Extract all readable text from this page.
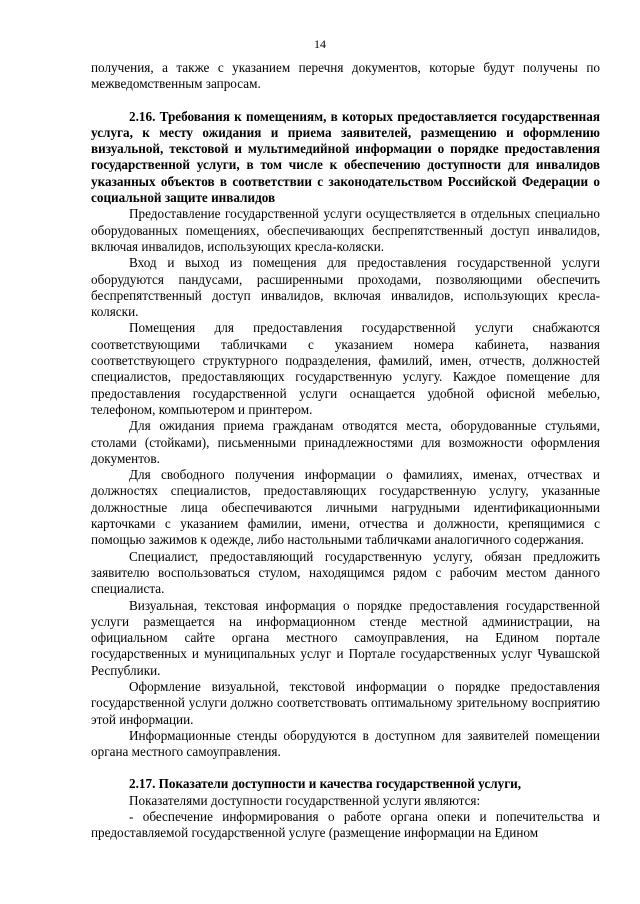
14

получения, а также с указанием перечня документов, которые будут получены по межведомственным запросам.

2.16. Требования к помещениям, в которых предоставляется государственная услуга, к месту ожидания и приема заявителей, размещению и оформлению визуальной, текстовой и мультимедийной информации о порядке предоставления государственной услуги, в том числе к обеспечению доступности для инвалидов указанных объектов в соответствии с законодательством Российской Федерации о социальной защите инвалидов

Предоставление государственной услуги осуществляется в отдельных специально оборудованных помещениях, обеспечивающих беспрепятственный доступ инвалидов, включая инвалидов, использующих кресла-коляски.

Вход и выход из помещения для предоставления государственной услуги оборудуются пандусами, расширенными проходами, позволяющими обеспечить беспрепятственный доступ инвалидов, включая инвалидов, использующих кресла-коляски.

Помещения для предоставления государственной услуги снабжаются соответствующими табличками с указанием номера кабинета, названия соответствующего структурного подразделения, фамилий, имен, отчеств, должностей специалистов, предоставляющих государственную услугу. Каждое помещение для предоставления государственной услуги оснащается удобной офисной мебелью, телефоном, компьютером и принтером.

Для ожидания приема гражданам отводятся места, оборудованные стульями, столами (стойками), письменными принадлежностями для возможности оформления документов.

Для свободного получения информации о фамилиях, именах, отчествах и должностях специалистов, предоставляющих государственную услугу, указанные должностные лица обеспечиваются личными нагрудными идентификационными карточками с указанием фамилии, имени, отчества и должности, крепящимися с помощью зажимов к одежде, либо настольными табличками аналогичного содержания.

Специалист, предоставляющий государственную услугу, обязан предложить заявителю воспользоваться стулом, находящимся рядом с рабочим местом данного специалиста.

Визуальная, текстовая информация о порядке предоставления государственной услуги размещается на информационном стенде местной администрации, на официальном сайте органа местного самоуправления, на Едином портале государственных и муниципальных услуг и Портале государственных услуг Чувашской Республики.

Оформление визуальной, текстовой информации о порядке предоставления государственной услуги должно соответствовать оптимальному зрительному восприятию этой информации.

Информационные стенды оборудуются в доступном для заявителей помещении органа местного самоуправления.

2.17. Показатели доступности и качества государственной услуги,

Показателями доступности государственной услуги являются:

- обеспечение информирования о работе органа опеки и попечительства и предоставляемой государственной услуге (размещение информации на Едином
